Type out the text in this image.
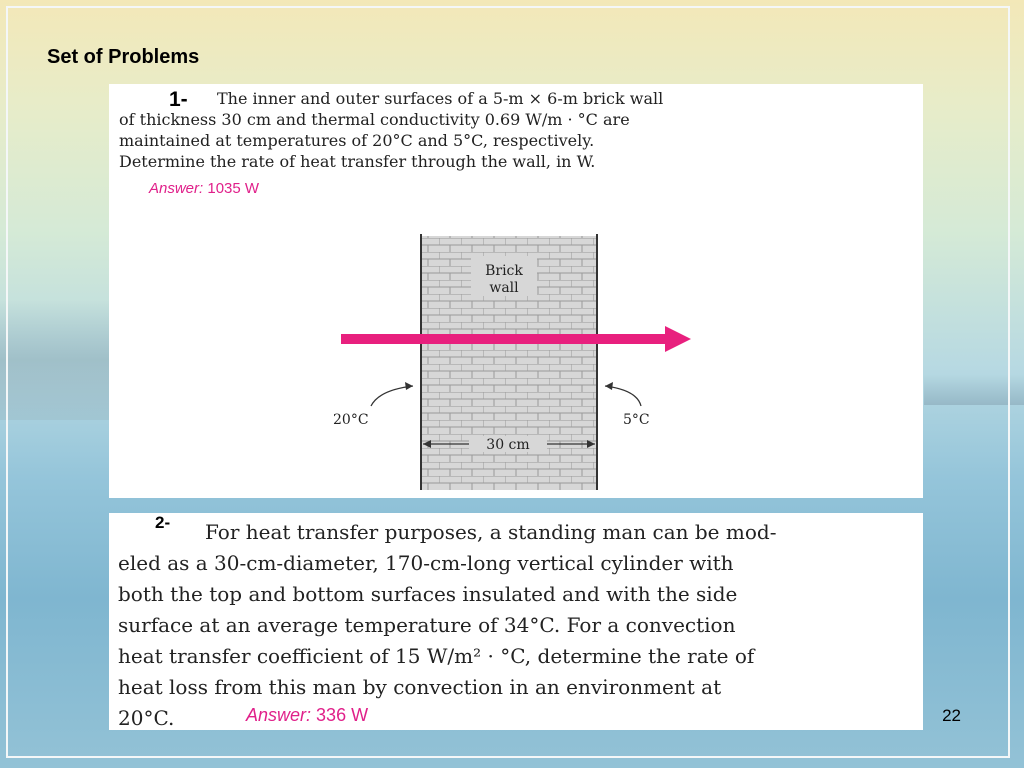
Set of Problems
1- The inner and outer surfaces of a 5-m × 6-m brick wall
of thickness 30 cm and thermal conductivity 0.69 W/m · °C are
maintained at temperatures of 20°C and 5°C, respectively.
Determine the rate of heat transfer through the wall, in W.
Answer: 1035 W
Brick
wall
20°C	5°C
30 cm
2- For heat transfer purposes, a standing man can be mod-
eled as a 30-cm-diameter, 170-cm-long vertical cylinder with
both the top and bottom surfaces insulated and with the side
surface at an average temperature of 34°C. For a convection
heat transfer coefficient of 15 W/m² · °C, determine the rate of
heat loss from this man by convection in an environment at
20°C.	Answer: 336 W	22
